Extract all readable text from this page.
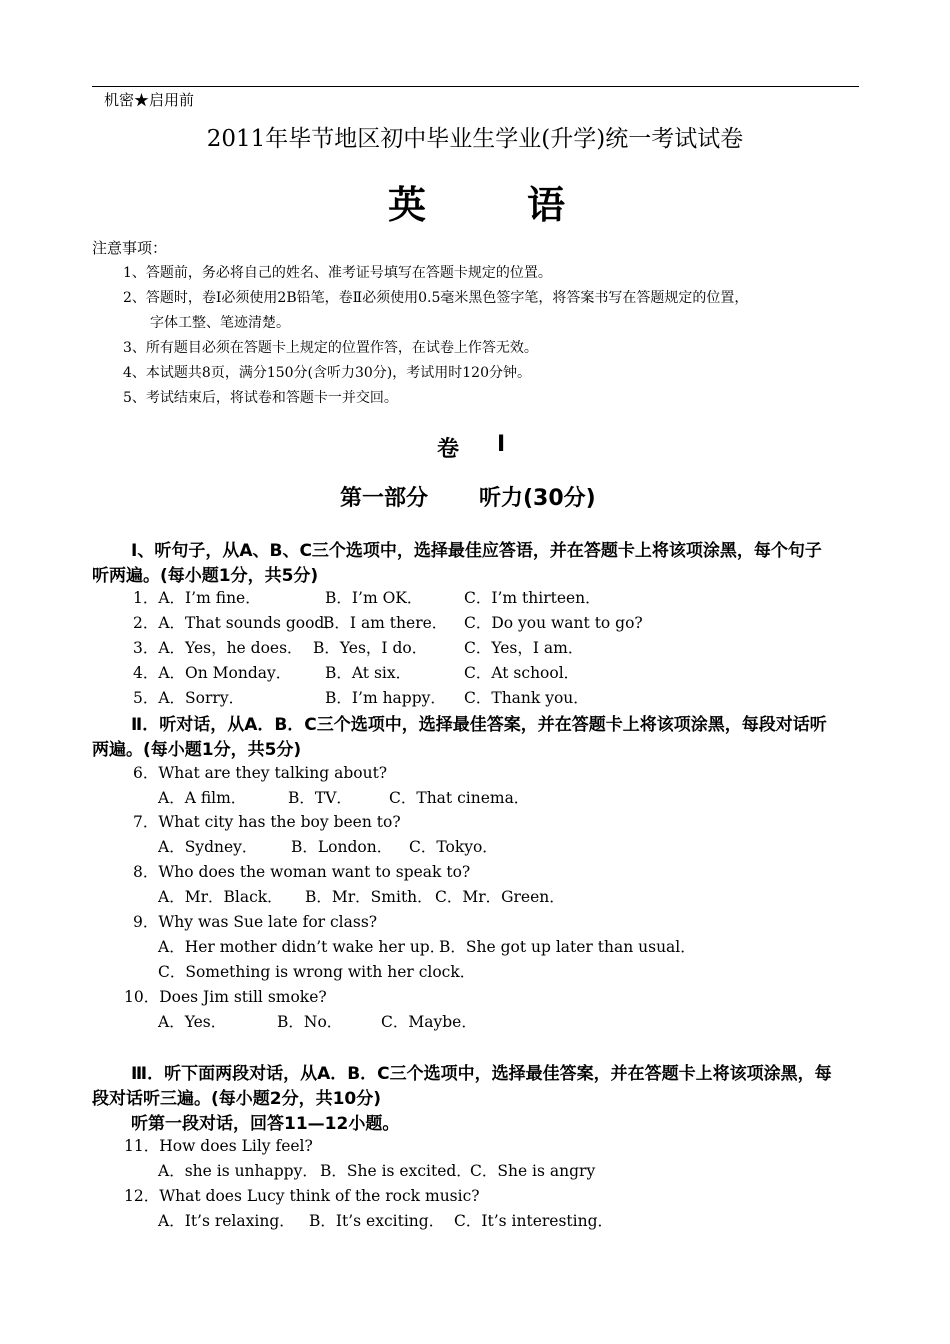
机密★启用前
2011年毕节地区初中毕业生学业(升学)统一考试试卷
英	语
注意事项：
1、答题前，务必将自己的姓名、准考证号填写在答题卡规定的位置。
2、答题时，卷Ⅰ必须使用2B铅笔，卷Ⅱ必须使用0.5毫米黑色签字笔，将答案书写在答题规定的位置，
字体工整、笔迹清楚。
3、所有题目必须在答题卡上规定的位置作答，在试卷上作答无效。
4、本试题共8页，满分150分(含听力30分)，考试用时120分钟。
5、考试结束后，将试卷和答题卡一并交回。
卷 Ⅰ
第一部分 听力(30分)
Ⅰ、听句子，从A、B、C三个选项中，选择最佳应答语，并在答题卡上将该项涂黑，每个句子
听两遍。(每小题1分，共5分)
1．A．I’m fine．	B．I’m OK．	C．I’m thirteen．
2．A．That sounds good．
B．I am there． C．Do you want to go?
3．A．Yes，he does． B．Yes，I do． C．Yes，I am．
4．A．On Monday． B．At six．	C．At school．
5．A．Sorry．	B．I’m happy． C．Thank you．
Ⅱ．听对话，从A．B．C三个选项中，选择最佳答案，并在答题卡上将该项涂黑，每段对话听
两遍。(每小题1分，共5分)
6．What are they talking about?
A．A film．	B．TV． C．That cinema．
7．What city has the boy been to?
A．Sydney． B．London． C．Tokyo．
8．Who does the woman want to speak to?
A．Mr．Black． B．Mr．Smith． C．Mr．Green．
9．Why was Sue late for class?
A．Her mother didn’t wake her up．
B．She got up later than usual．
C．Something is wrong with her clock．
10．Does Jim still smoke?
A．Yes．	B．No． C．Maybe．
Ⅲ．听下面两段对话，从A．B．C三个选项中，选择最佳答案，并在答题卡上将该项涂黑，每
段对话听三遍。(每小题2分，共10分)
听第一段对话，回答11—12小题。
11．How does Lily feel?
A．she is unhappy． B．She is excited．
C．She is angry
12．What does Lucy think of the rock music?
A．It’s relaxing． B．It’s exciting． C．It’s interesting．
